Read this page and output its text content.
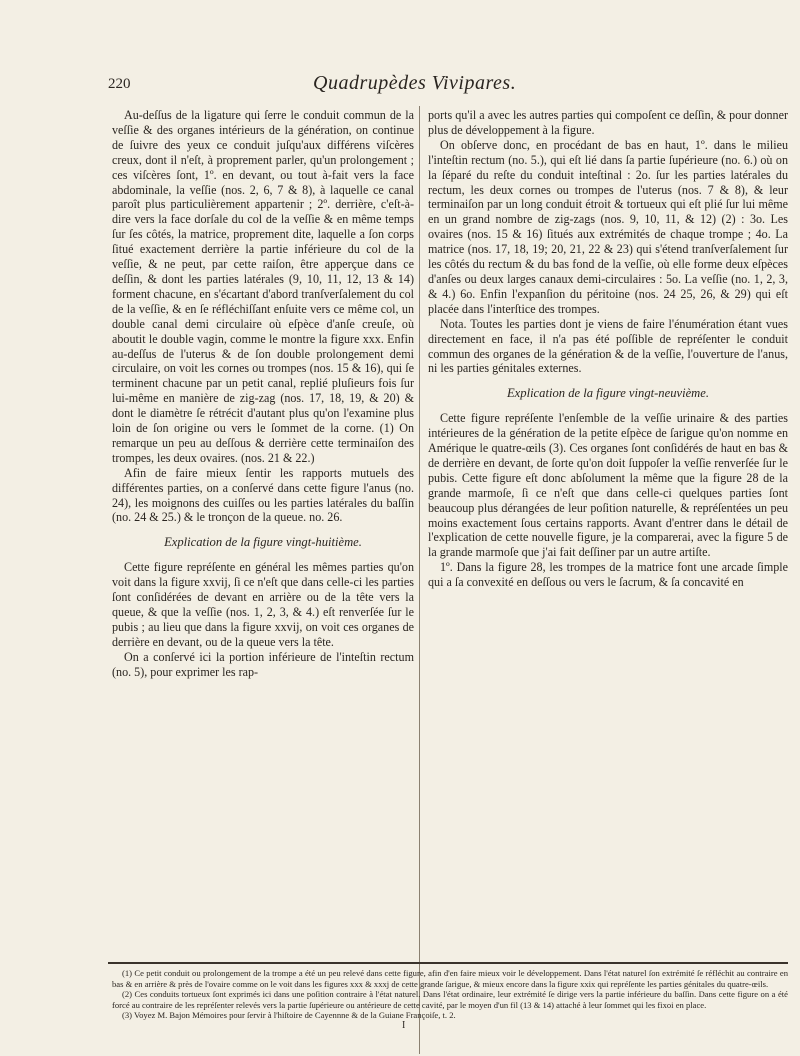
220	Quadrupèdes Vivipares.

Au-deſſus de la ligature qui ſerre le conduit commun de la veſſie & des organes intérieurs de la génération, on continue de ſuivre des yeux ce conduit juſqu'aux différens viſcères creux, dont il n'eſt, à proprement parler, qu'un prolongement ; ces viſcères ſont, 1º. en devant, ou tout à-fait vers la face abdominale, la veſſie (nos. 2, 6, 7 & 8), à laquelle ce canal paroît plus particulièrement appartenir ; 2º. derrière, c'eſt-à-dire vers la face dorſale du col de la veſſie & en même temps ſur ſes côtés, la matrice, proprement dite, laquelle a ſon corps ſitué exactement derrière la partie inférieure du col de la veſſie, & ne peut, par cette raiſon, être apperçue dans ce deſſin, & dont les parties latérales (9, 10, 11, 12, 13 & 14) forment chacune, en s'écartant d'abord tranſverſalement du col de la veſſie, & en ſe réfléchiſſant enſuite vers ce même col, un double canal demi circulaire où eſpèce d'anſe creuſe, où aboutit le double vagin, comme le montre la figure xxx. Enfin au-deſſus de l'uterus & de ſon double prolongement demi circulaire, on voit les cornes ou trompes (nos. 15 & 16), qui ſe terminent chacune par un petit canal, replié pluſieurs fois ſur lui-même en manière de zig-zag (nos. 17, 18, 19, & 20) & dont le diamètre ſe rétrécit d'autant plus qu'on l'examine plus loin de ſon origine ou vers le ſommet de la corne. (1) On remarque un peu au deſſous & derrière cette terminaiſon des trompes, les deux ovaires. (nos. 21 & 22.)

Afin de faire mieux ſentir les rapports mutuels des différentes parties, on a conſervé dans cette figure l'anus (no. 24), les moignons des cuiſſes ou les parties latérales du baſſin (no. 24 & 25.) & le tronçon de la queue. no. 26.

Explication de la figure vingt-huitième.

Cette figure repréſente en général les mêmes parties qu'on voit dans la figure xxvij, ſi ce n'eſt que dans celle-ci les parties ſont conſidérées de devant en arrière ou de la tête vers la queue, & que la veſſie (nos. 1, 2, 3, & 4.) eſt renverſée ſur le pubis ; au lieu que dans la figure xxvij, on voit ces organes de derrière en devant, ou de la queue vers la tête.

On a conſervé ici la portion inférieure de l'inteſtin rectum (no. 5), pour exprimer les rap-

ports qu'il a avec les autres parties qui compoſent ce deſſin, & pour donner plus de développement à la figure.

On obſerve donc, en procédant de bas en haut, 1º. dans le milieu l'inteſtin rectum (no. 5.), qui eſt lié dans ſa partie ſupérieure (no. 6.) où on la ſéparé du reſte du conduit inteſtinal : 2o. ſur les parties latérales du rectum, les deux cornes ou trompes de l'uterus (nos. 7 & 8), & leur terminaiſon par un long conduit étroit & tortueux qui eſt plié ſur lui même en un grand nombre de zig-zags (nos. 9, 10, 11, & 12) (2) : 3o. Les ovaires (nos. 15 & 16) ſitués aux extrémités de chaque trompe ; 4o. La matrice (nos. 17, 18, 19; 20, 21, 22 & 23) qui s'étend tranſverſalement ſur les côtés du rectum & du bas fond de la veſſie, où elle forme deux eſpèces d'anſes ou deux larges canaux demi-circulaires : 5o. La veſſie (no. 1, 2, 3, & 4.) 6o. Enfin l'expanſion du péritoine (nos. 24 25, 26, & 29) qui eſt placée dans l'interſtice des trompes.

Nota. Toutes les parties dont je viens de faire l'énumération étant vues directement en face, il n'a pas été poſſible de repréſenter le conduit commun des organes de la génération & de la veſſie, l'ouverture de l'anus, ni les parties génitales externes.

Explication de la figure vingt-neuvième.

Cette figure repréſente l'enſemble de la veſſie urinaire & des parties intérieures de la génération de la petite eſpèce de ſarigue qu'on nomme en Amérique le quatre-œils (3). Ces organes ſont conſidérés de haut en bas & de derrière en devant, de ſorte qu'on doit ſuppoſer la veſſie renverſée ſur le pubis. Cette figure eſt donc abſolument la même que la figure 28 de la grande marmoſe, ſi ce n'eſt que dans celle-ci quelques parties ſont beaucoup plus dérangées de leur poſition naturelle, & repréſentées un peu moins exactement ſous certains rapports. Avant d'entrer dans le détail de l'explication de cette nouvelle figure, je la comparerai, avec la figure 5 de la grande marmoſe que j'ai fait deſſiner par un autre artiſte.

1º. Dans la figure 28, les trompes de la matrice font une arcade ſimple qui a ſa convexité en deſſous ou vers le ſacrum, & ſa concavité en

(1) Ce petit conduit ou prolongement de la trompe a été un peu relevé dans cette figure, afin d'en faire mieux voir le développement. Dans l'état naturel ſon extrémité ſe réfléchit au contraire en bas & en arrière & près de l'ovaire comme on le voit dans les figures xxx & xxxj de cette grande ſarigue, & mieux encore dans la figure xxix qui repréſente les parties génitales du quatre-œils.

(2) Ces conduits tortueux ſont exprimés ici dans une poſition contraire à l'état naturel. Dans l'état ordinaire, leur extrémité ſe dirige vers la partie inférieure du baſſin. Dans cette figure on a été forcé au contraire de les repréſenter relevés vers la partie ſupérieure ou antérieure de cette cavité, par le moyen d'un fil (13 & 14) attaché à leur ſommet qui les fixoi en place.

(3) Voyez M. Bajon Mémoires pour ſervir à l'hiſtoire de Cayennne & de la Guiane Françoiſe, t. 2.

I
